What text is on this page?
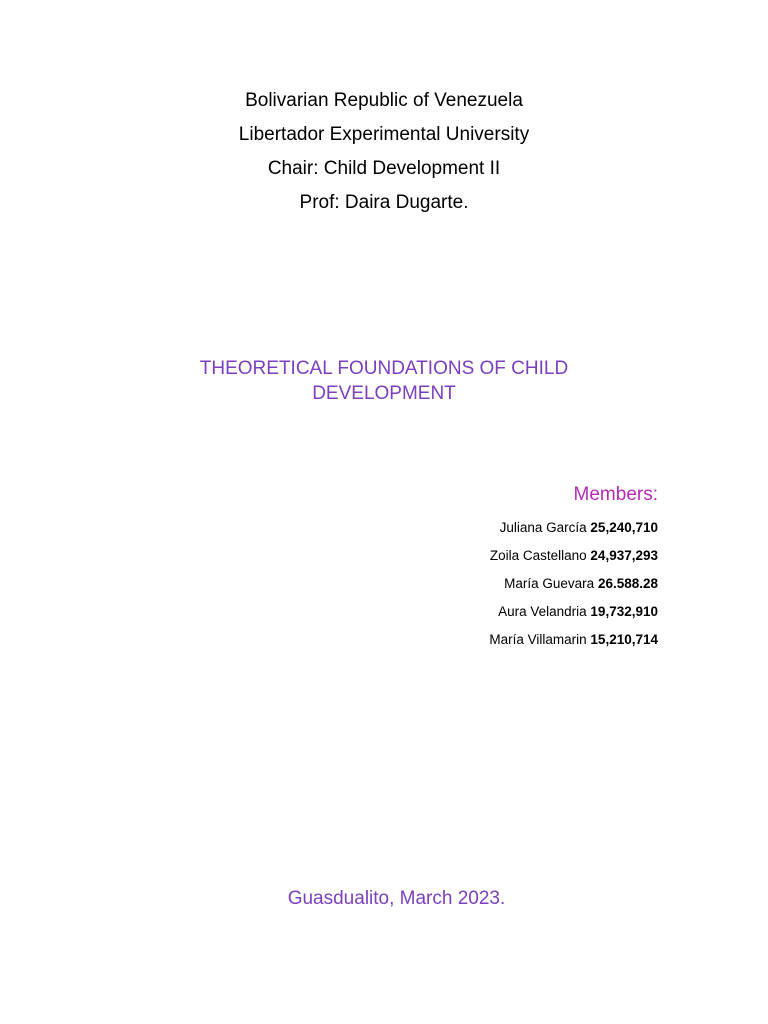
Bolivarian Republic of Venezuela
Libertador Experimental University
Chair: Child Development II
Prof: Daira Dugarte.
THEORETICAL FOUNDATIONS OF CHILD DEVELOPMENT
Members:
Juliana García 25,240,710
Zoila Castellano 24,937,293
María Guevara 26.588.28
Aura Velandria 19,732,910
María Villamarin 15,210,714
Guasdualito, March 2023.
